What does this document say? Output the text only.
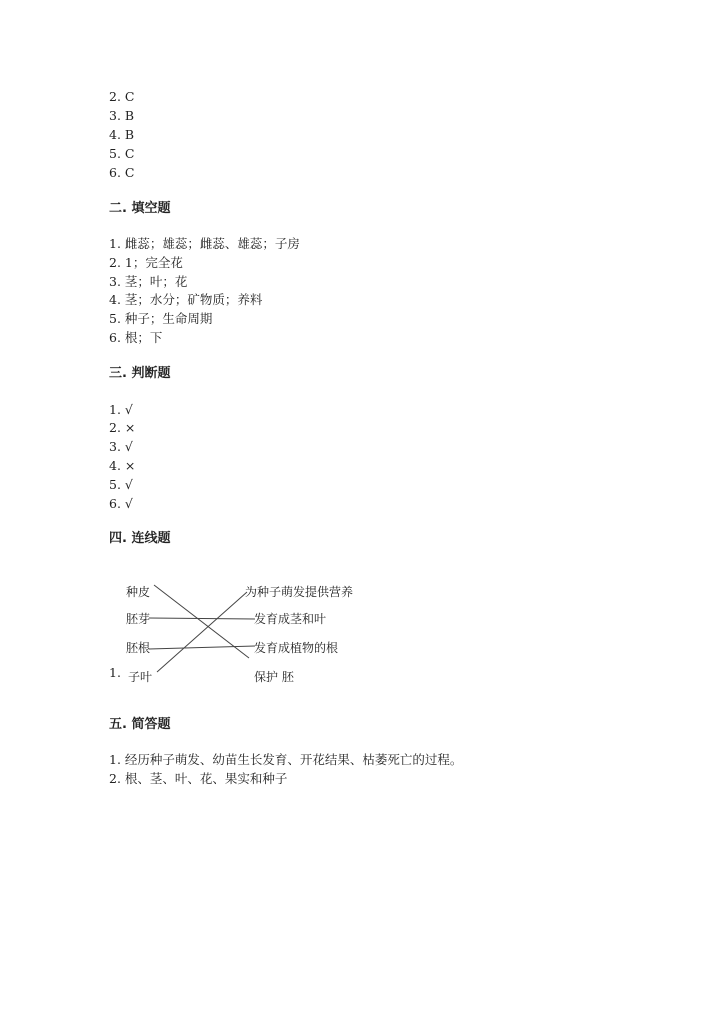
2. C
3. B
4. B
5. C
6. C
二. 填空题
1. 雌蕊；雄蕊；雌蕊、雄蕊；子房
2. 1；完全花
3. 茎；叶；花
4. 茎；水分；矿物质；养料
5. 种子；生命周期
6. 根；下
三. 判断题
1. √
2. ×
3. √
4. ×
5. √
6. √
四. 连线题
1.
种皮
胚芽
胚根
子叶
为种子萌发提供营养
发育成茎和叶
发育成植物的根
保护 胚
五. 简答题
1. 经历种子萌发、幼苗生长发育、开花结果、枯萎死亡的过程。
2. 根、茎、叶、花、果实和种子
